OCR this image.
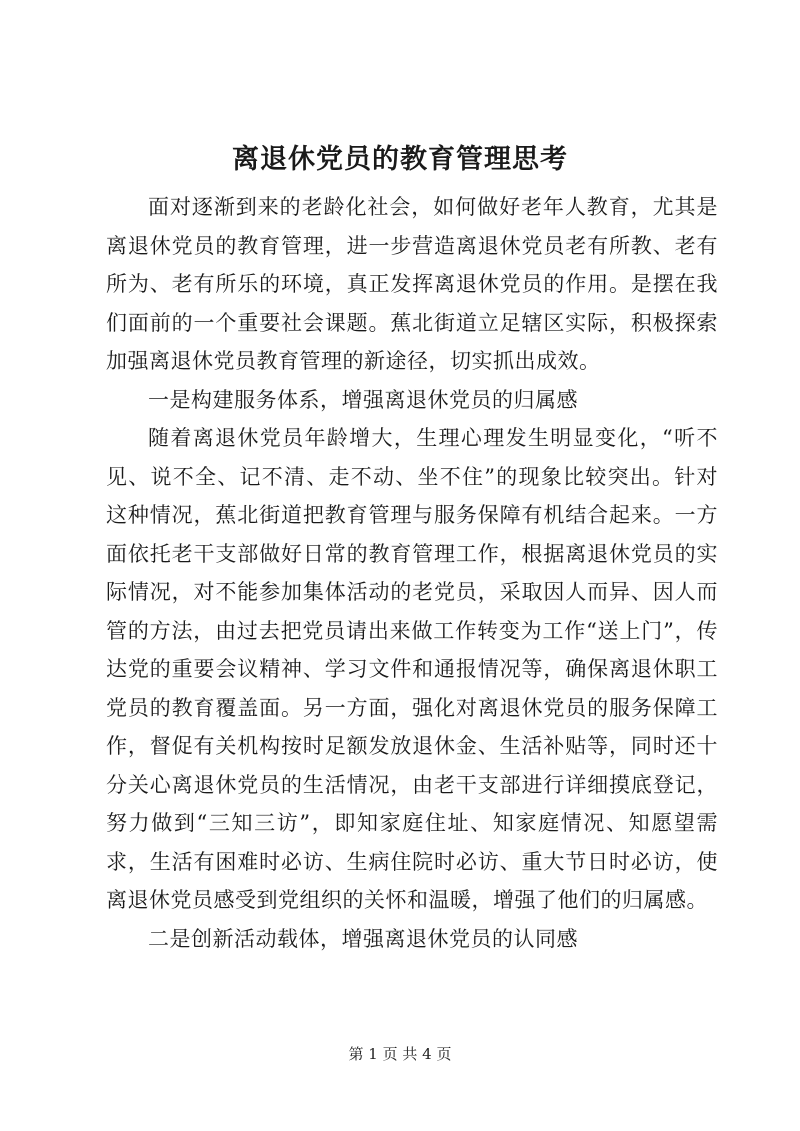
离退休党员的教育管理思考

面对逐渐到来的老龄化社会，如何做好老年人教育，尤其是离退休党员的教育管理，进一步营造离退休党员老有所教、老有所为、老有所乐的环境，真正发挥离退休党员的作用。是摆在我们面前的一个重要社会课题。蕉北街道立足辖区实际，积极探索加强离退休党员教育管理的新途径，切实抓出成效。

一是构建服务体系，增强离退休党员的归属感

随着离退休党员年龄增大，生理心理发生明显变化，“听不见、说不全、记不清、走不动、坐不住”的现象比较突出。针对这种情况，蕉北街道把教育管理与服务保障有机结合起来。一方面依托老干支部做好日常的教育管理工作，根据离退休党员的实际情况，对不能参加集体活动的老党员，采取因人而异、因人而管的方法，由过去把党员请出来做工作转变为工作“送上门”，传达党的重要会议精神、学习文件和通报情况等，确保离退休职工党员的教育覆盖面。另一方面，强化对离退休党员的服务保障工作，督促有关机构按时足额发放退休金、生活补贴等，同时还十分关心离退休党员的生活情况，由老干支部进行详细摸底登记，努力做到“三知三访”，即知家庭住址、知家庭情况、知愿望需求，生活有困难时必访、生病住院时必访、重大节日时必访，使离退休党员感受到党组织的关怀和温暖，增强了他们的归属感。

二是创新活动载体，增强离退休党员的认同感

第 1 页 共 4 页
